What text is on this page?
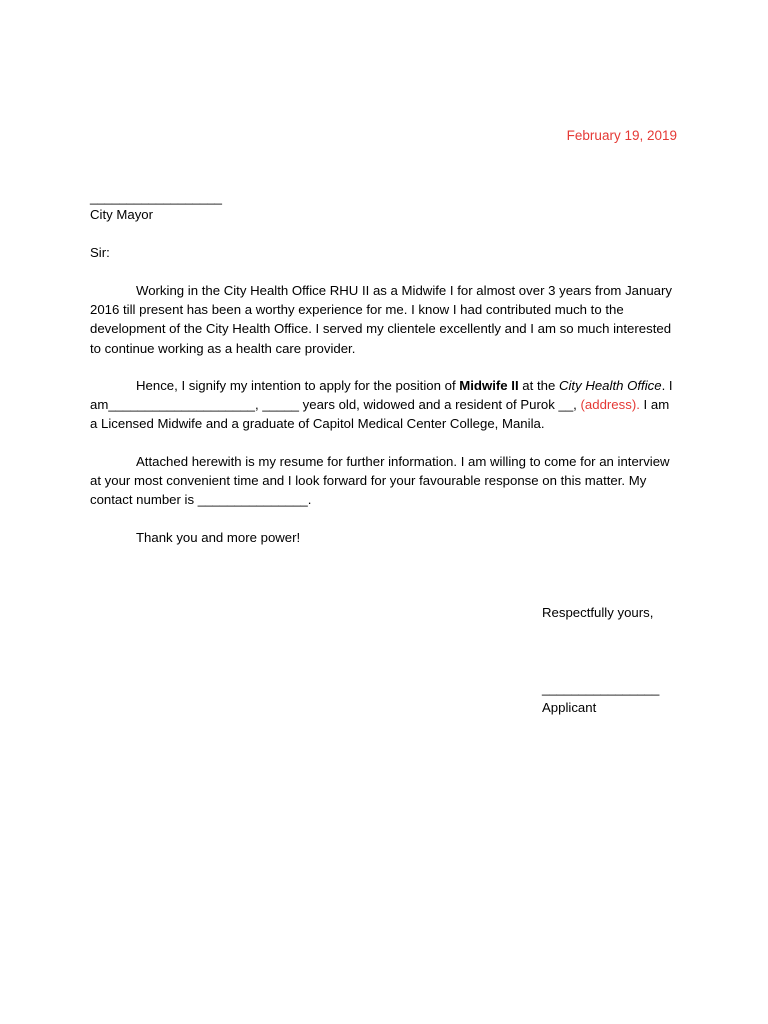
February 19, 2019
__________________
City Mayor
Sir:
Working in the City Health Office RHU II as a Midwife I for almost over 3 years from January 2016 till present has been a worthy experience for me. I know I had contributed much to the development of the City Health Office. I served my clientele excellently and I am so much interested to continue working as a health care provider.
Hence, I signify my intention to apply for the position of Midwife II at the City Health Office. I am____________________, _____ years old, widowed and a resident of Purok __, (address). I am a Licensed Midwife and a graduate of Capitol Medical Center College, Manila.
Attached herewith is my resume for further information. I am willing to come for an interview at your most convenient time and I look forward for your favourable response on this matter. My contact number is _______________.
Thank you and more power!
Respectfully yours,
________________
Applicant
